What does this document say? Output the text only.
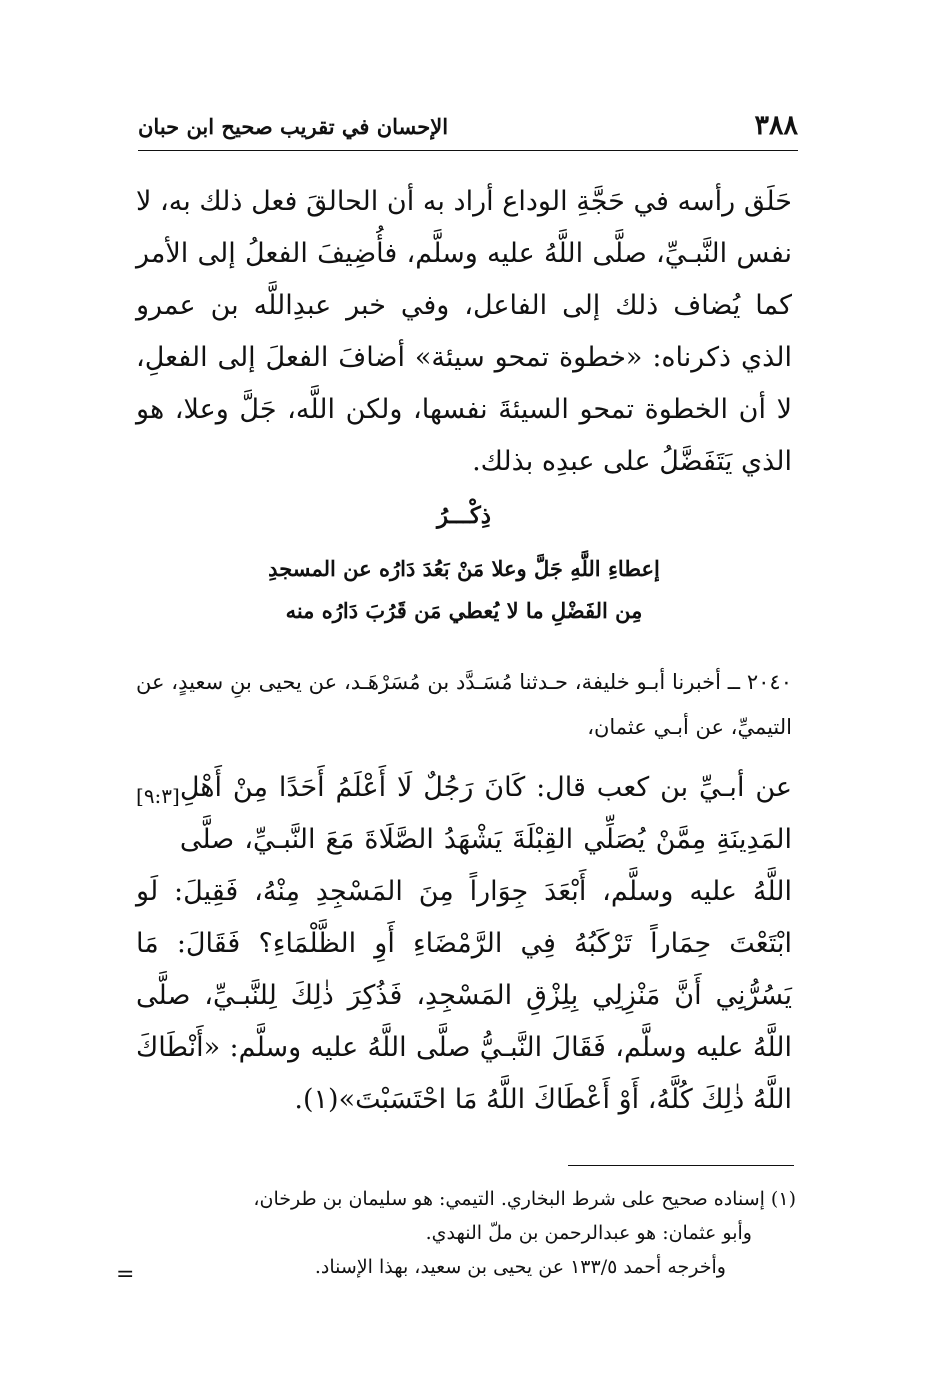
٣٨٨
الإحسان في تقريب صحيح ابن حبان
حَلَق رأسه في حَجَّةِ الوداع أراد به أن الحالقَ فعل ذلك به، لا نفس النَّبـيِّ، صلَّى اللَّهُ عليه وسلَّم، فأُضِيفَ الفعلُ إلى الأمر كما يُضاف ذلك إلى الفاعل، وفي خبر عبدِاللَّه بن عمرو الذي ذكرناه: «خطوة تمحو سيئة» أضافَ الفعلَ إلى الفعلِ، لا أن الخطوة تمحو السيئةَ نفسها، ولكن اللَّه، جَلَّ وعلا، هو الذي يَتَفَضَّلُ على عبدِه بذلك.
ذِكْـــرُ
إعطاءِ اللَّهِ جَلَّ وعلا مَنْ بَعُدَ دَارُه عن المسجدِ
مِن الفَضْلِ ما لا يُعطي مَن قَرُبَ دَارُه منه
٢٠٤٠ ــ أخبرنا أبـو خليفة، حـدثنا مُسَـدَّد بن مُسَرْهَـد، عن يحيى بنِ سعيدٍ، عن التيميِّ، عن أبـي عثمان،
[٩:٣] عن أبـيِّ بن كعب قال: كَانَ رَجُلٌ لَا أَعْلَمُ أَحَدًا مِنْ أَهْلِ المَدِينَةِ مِمَّنْ يُصَلِّي القِبْلَةَ يَشْهَدُ الصَّلَاةَ مَعَ النَّبـيِّ، صلَّى اللَّهُ عليه وسلَّم، أَبْعَدَ جِوَاراً مِنَ المَسْجِدِ مِنْهُ، فَقِيلَ: لَو ابْتَعْتَ حِمَاراً تَرْكَبُهُ فِي الرَّمْضَاءِ أَوِ الظَّلْمَاءِ؟ فَقَالَ: مَا يَسُرُّنِي أَنَّ مَنْزِلِي بِلِزْقِ المَسْجِدِ، فَذُكِرَ ذٰلِكَ لِلنَّبـيِّ، صلَّى اللَّهُ عليه وسلَّم، فَقَالَ النَّبـيُّ صلَّى اللَّهُ عليه وسلَّم: «أَنْطَاكَ اللَّهُ ذٰلِكَ كُلَّهُ، أَوْ أَعْطَاكَ اللَّهُ مَا احْتَسَبْتَ»(١).

(١) إسناده صحيح على شرط البخاري. التيمي: هو سليمان بن طرخان،

وأبو عثمان: هو عبدالرحمن بن ملّ النهدي.

وأخرجه أحمد ١٣٣/٥ عن يحيى بن سعيد، بهذا الإسناد.

=
